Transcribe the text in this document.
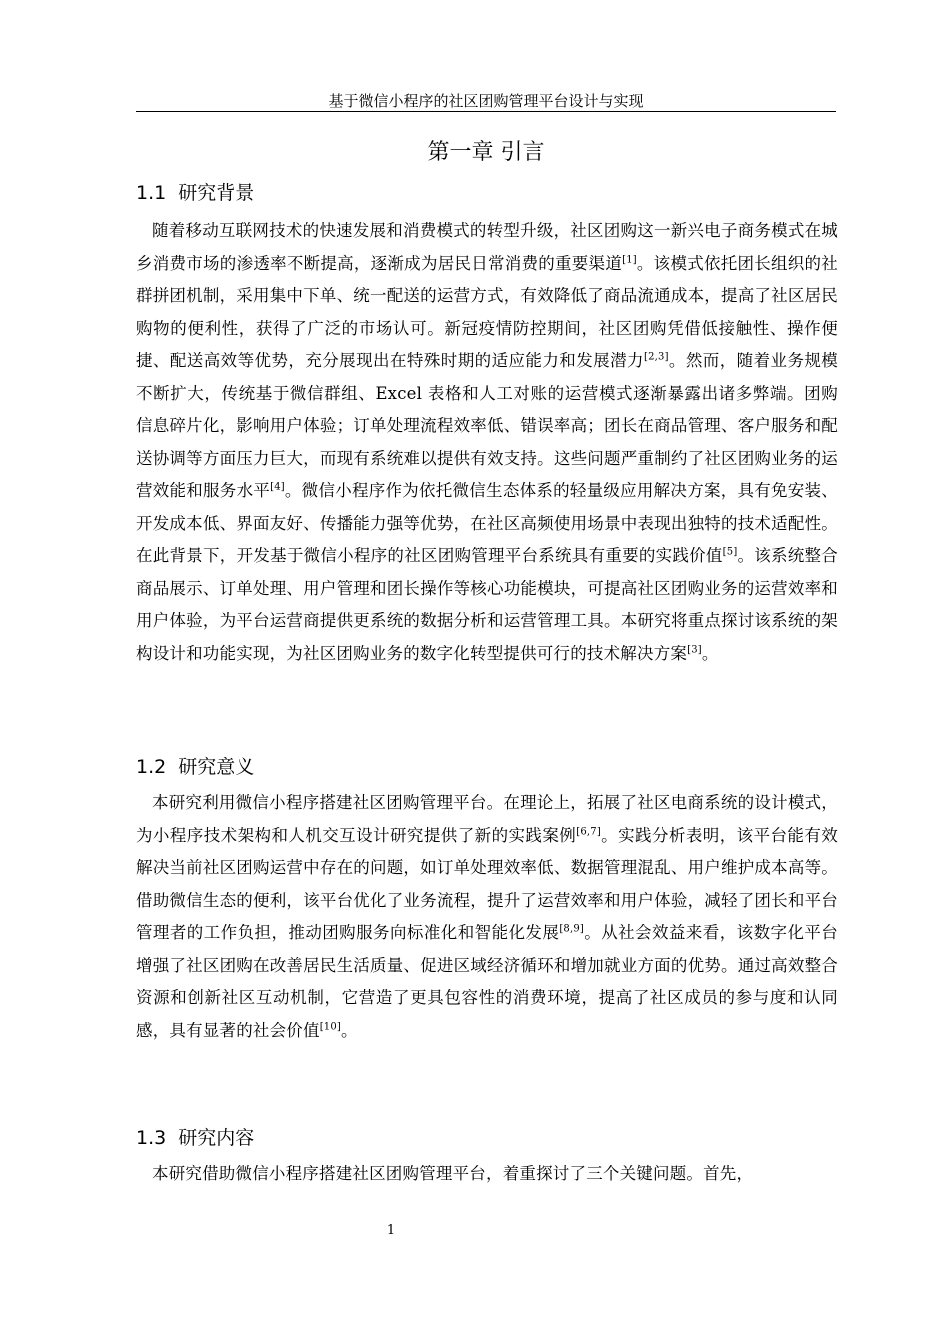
基于微信小程序的社区团购管理平台设计与实现
第一章 引言
1.1 研究背景

随着移动互联网技术的快速发展和消费模式的转型升级，社区团购这一新兴电子商务模式在城乡消费市场的渗透率不断提高，逐渐成为居民日常消费的重要渠道[1]。该模式依托团长组织的社群拼团机制，采用集中下单、统一配送的运营方式，有效降低了商品流通成本，提高了社区居民购物的便利性，获得了广泛的市场认可。新冠疫情防控期间，社区团购凭借低接触性、操作便捷、配送高效等优势，充分展现出在特殊时期的适应能力和发展潜力[2,3]。然而，随着业务规模不断扩大，传统基于微信群组、Excel 表格和人工对账的运营模式逐渐暴露出诸多弊端。团购信息碎片化，影响用户体验；订单处理流程效率低、错误率高；团长在商品管理、客户服务和配送协调等方面压力巨大，而现有系统难以提供有效支持。这些问题严重制约了社区团购业务的运营效能和服务水平[4]。微信小程序作为依托微信生态体系的轻量级应用解决方案，具有免安装、开发成本低、界面友好、传播能力强等优势，在社区高频使用场景中表现出独特的技术适配性。在此背景下，开发基于微信小程序的社区团购管理平台系统具有重要的实践价值[5]。该系统整合商品展示、订单处理、用户管理和团长操作等核心功能模块，可提高社区团购业务的运营效率和用户体验，为平台运营商提供更系统的数据分析和运营管理工具。本研究将重点探讨该系统的架构设计和功能实现，为社区团购业务的数字化转型提供可行的技术解决方案[3]。

1.2 研究意义

本研究利用微信小程序搭建社区团购管理平台。在理论上，拓展了社区电商系统的设计模式，为小程序技术架构和人机交互设计研究提供了新的实践案例[6,7]。实践分析表明，该平台能有效解决当前社区团购运营中存在的问题，如订单处理效率低、数据管理混乱、用户维护成本高等。借助微信生态的便利，该平台优化了业务流程，提升了运营效率和用户体验，减轻了团长和平台管理者的工作负担，推动团购服务向标准化和智能化发展[8,9]。从社会效益来看，该数字化平台增强了社区团购在改善居民生活质量、促进区域经济循环和增加就业方面的优势。通过高效整合资源和创新社区互动机制，它营造了更具包容性的消费环境，提高了社区成员的参与度和认同感，具有显著的社会价值[10]。

1.3 研究内容

本研究借助微信小程序搭建社区团购管理平台，着重探讨了三个关键问题。首先，

1
